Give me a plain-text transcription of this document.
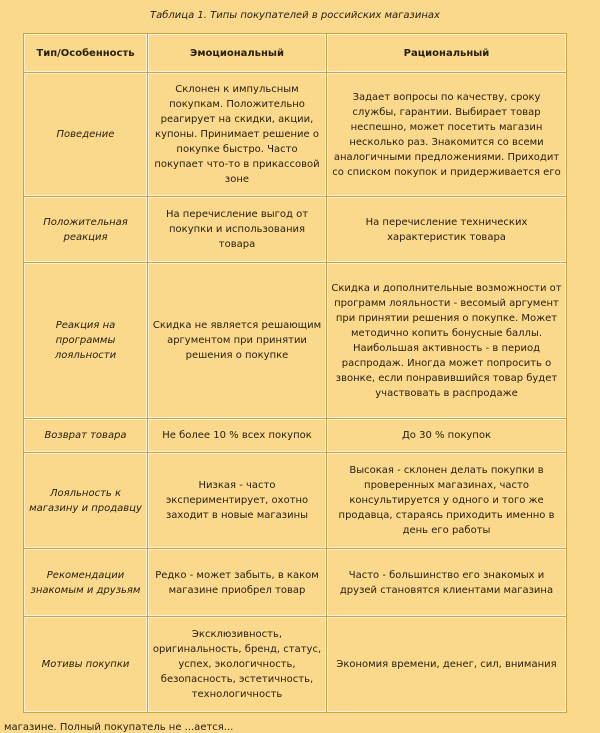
Таблица 1. Типы покупателей в российских магазинах
Тип/Особенность	Эмоциональный	Рациональный
Поведение	Склонен к импульсным покупкам. Положительно реагирует на скидки, акции, купоны. Принимает решение о покупке быстро. Часто покупает что-то в прикассовой зоне	Задает вопросы по качеству, сроку службы, гарантии. Выбирает товар неспешно, может посетить магазин несколько раз. Знакомится со всеми аналогичными предложениями. Приходит со списком покупок и придерживается его
Положительная реакция	На перечисление выгод от покупки и использования товара	На перечисление технических характеристик товара
Реакция на программы лояльности	Скидка не является решающим аргументом при принятии решения о покупке	Скидка и дополнительные возможности от программ лояльности - весомый аргумент при принятии решения о покупке. Может методично копить бонусные баллы. Наибольшая активность - в период распродаж. Иногда может попросить о звонке, если понравившийся товар будет участвовать в распродаже
Возврат товара	Не более 10 % всех покупок	До 30 % покупок
Лояльность к магазину и продавцу	Низкая - часто экспериментирует, охотно заходит в новые магазины	Высокая - склонен делать покупки в проверенных магазинах, часто консультируется у одного и того же продавца, стараясь приходить именно в день его работы
Рекомендации знакомым и друзьям	Редко - может забыть, в каком магазине приобрел товар	Часто - большинство его знакомых и друзей становятся клиентами магазина
Мотивы покупки	Эксклюзивность, оригинальность, бренд, статус, успех, экологичность, безопасность, эстетичность, технологичность	Экономия времени, денег, сил, внимания
магазине. Полный покупатель не ...ается...
